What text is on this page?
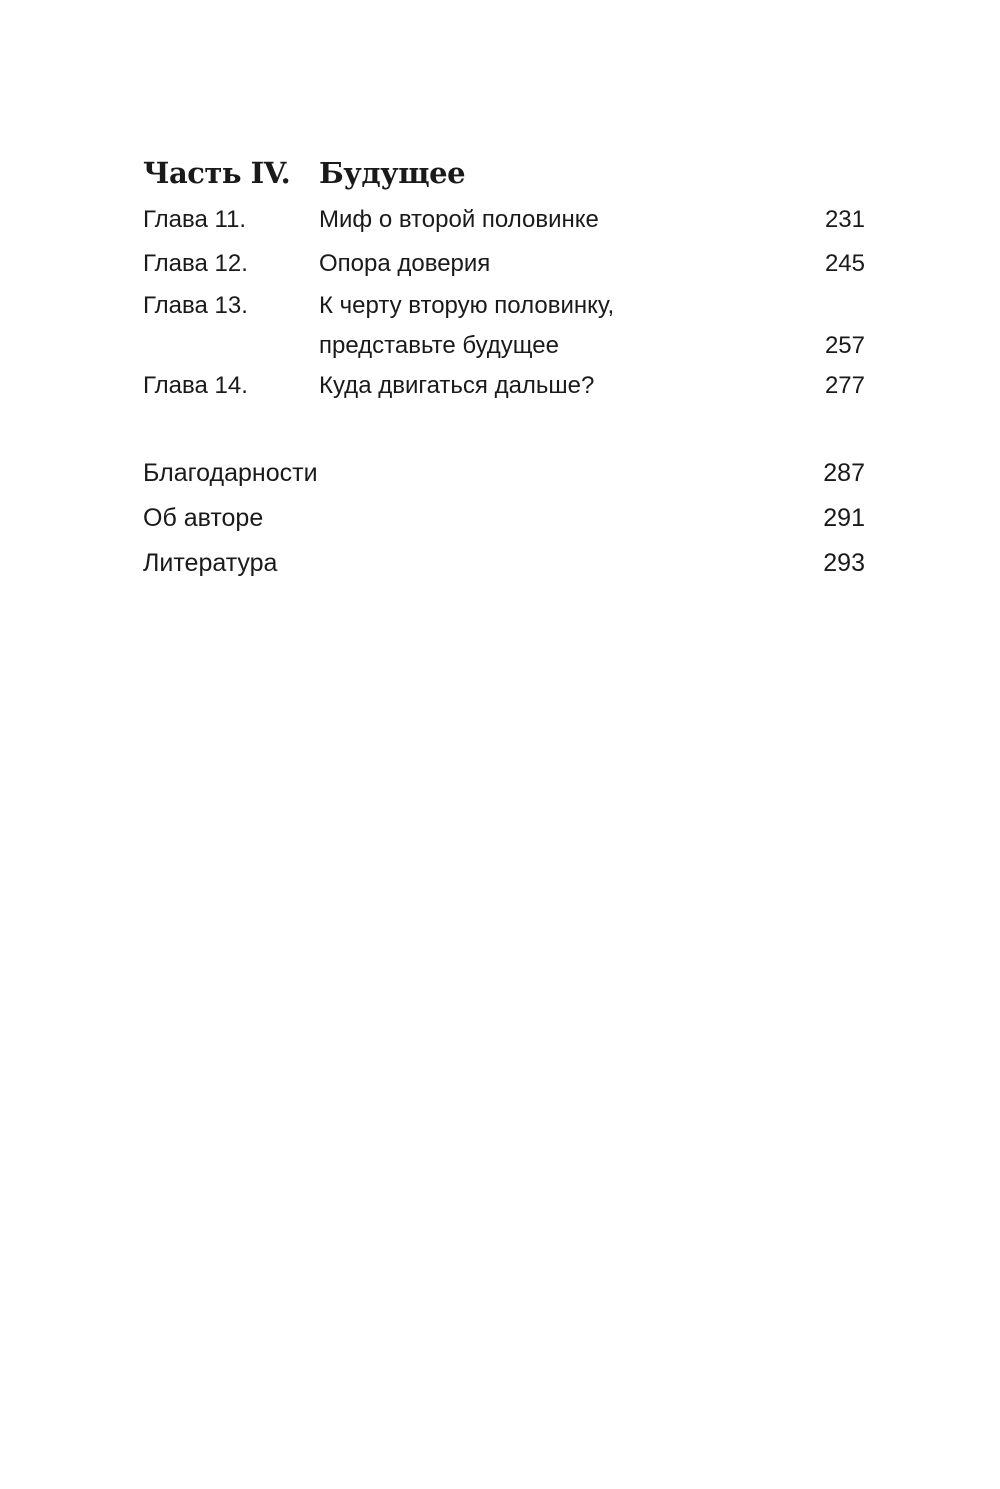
Часть IV. Будущее
Глава 11.	Миф о второй половинке	231
Глава 12.	Опора доверия	245
Глава 13.	К черту вторую половинку,
представьте будущее	257
Глава 14.	Куда двигаться дальше?	277
Благодарности	287
Об авторе	291
Литература	293
